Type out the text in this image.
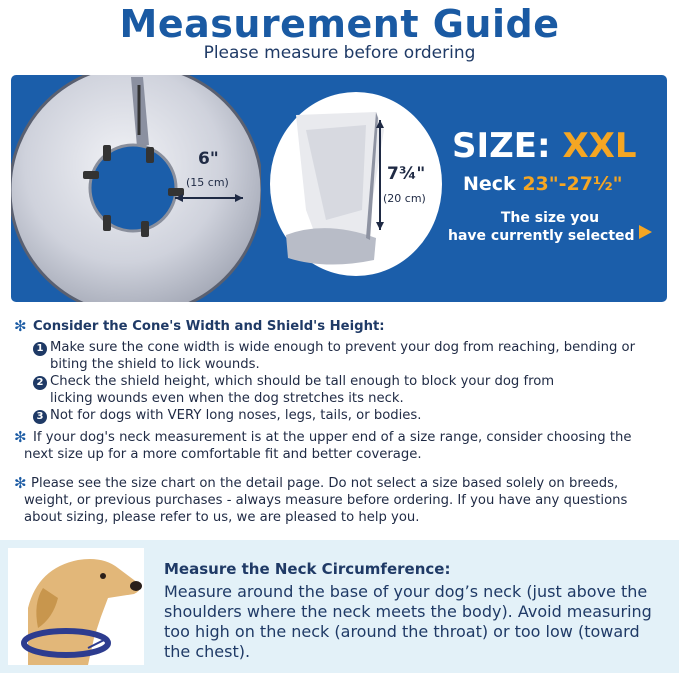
Measurement Guide
Please measure before ordering
6"
(15 cm)	7¾"
(20 cm)
SIZE: XXL
Neck 23"-27½"
The size you
have currently selected
✻ Consider the Cone's Width and Shield's Height:
1 Make sure the cone width is wide enough to prevent your dog from reaching, bending or
biting the shield to lick wounds.
2 Check the shield height, which should be tall enough to block your dog from
licking wounds even when the dog stretches its neck.
3 Not for dogs with VERY long noses, legs, tails, or bodies.
✻ If your dog's neck measurement is at the upper end of a size range, consider choosing the
next size up for a more comfortable fit and better coverage.
✻ Please see the size chart on the detail page. Do not select a size based solely on breeds,
weight, or previous purchases - always measure before ordering. If you have any questions
about sizing, please refer to us, we are pleased to help you.
Measure the Neck Circumference:
Measure around the base of your dog’s neck (just above the
shoulders where the neck meets the body). Avoid measuring
too high on the neck (around the throat) or too low (toward
the chest).
